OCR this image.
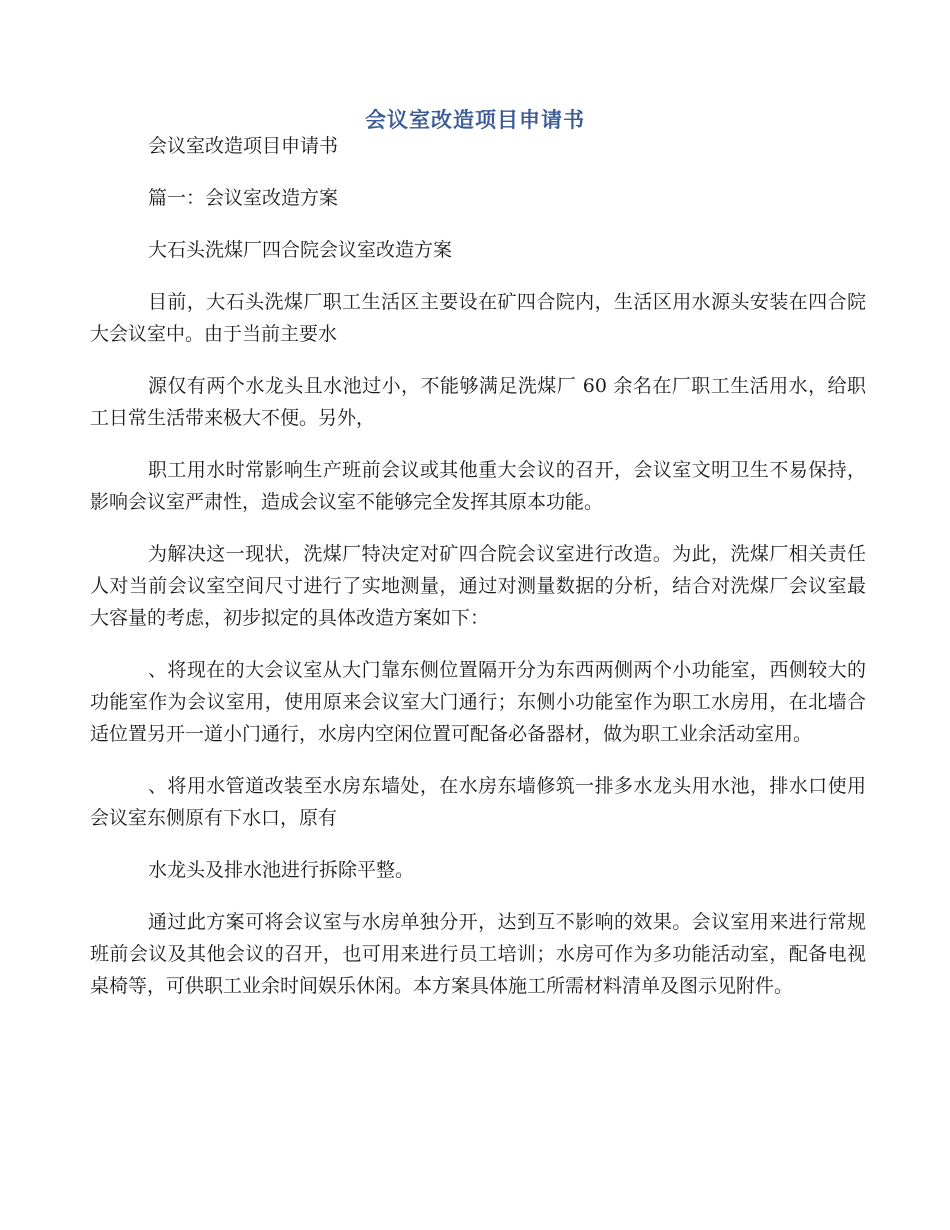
会议室改造项目申请书

会议室改造项目申请书

篇一：会议室改造方案

大石头洗煤厂四合院会议室改造方案

目前，大石头洗煤厂职工生活区主要设在矿四合院内，生活区用水源头安装在四合院大会议室中。由于当前主要水

源仅有两个水龙头且水池过小，不能够满足洗煤厂 60 余名在厂职工生活用水，给职工日常生活带来极大不便。另外，

职工用水时常影响生产班前会议或其他重大会议的召开，会议室文明卫生不易保持，影响会议室严肃性，造成会议室不能够完全发挥其原本功能。

为解决这一现状，洗煤厂特决定对矿四合院会议室进行改造。为此，洗煤厂相关责任人对当前会议室空间尺寸进行了实地测量，通过对测量数据的分析，结合对洗煤厂会议室最大容量的考虑，初步拟定的具体改造方案如下：

、将现在的大会议室从大门靠东侧位置隔开分为东西两侧两个小功能室，西侧较大的功能室作为会议室用，使用原来会议室大门通行；东侧小功能室作为职工水房用，在北墙合适位置另开一道小门通行，水房内空闲位置可配备必备器材，做为职工业余活动室用。

、将用水管道改装至水房东墙处，在水房东墙修筑一排多水龙头用水池，排水口使用会议室东侧原有下水口，原有

水龙头及排水池进行拆除平整。

通过此方案可将会议室与水房单独分开，达到互不影响的效果。会议室用来进行常规班前会议及其他会议的召开，也可用来进行员工培训；水房可作为多功能活动室，配备电视桌椅等，可供职工业余时间娱乐休闲。本方案具体施工所需材料清单及图示见附件。
